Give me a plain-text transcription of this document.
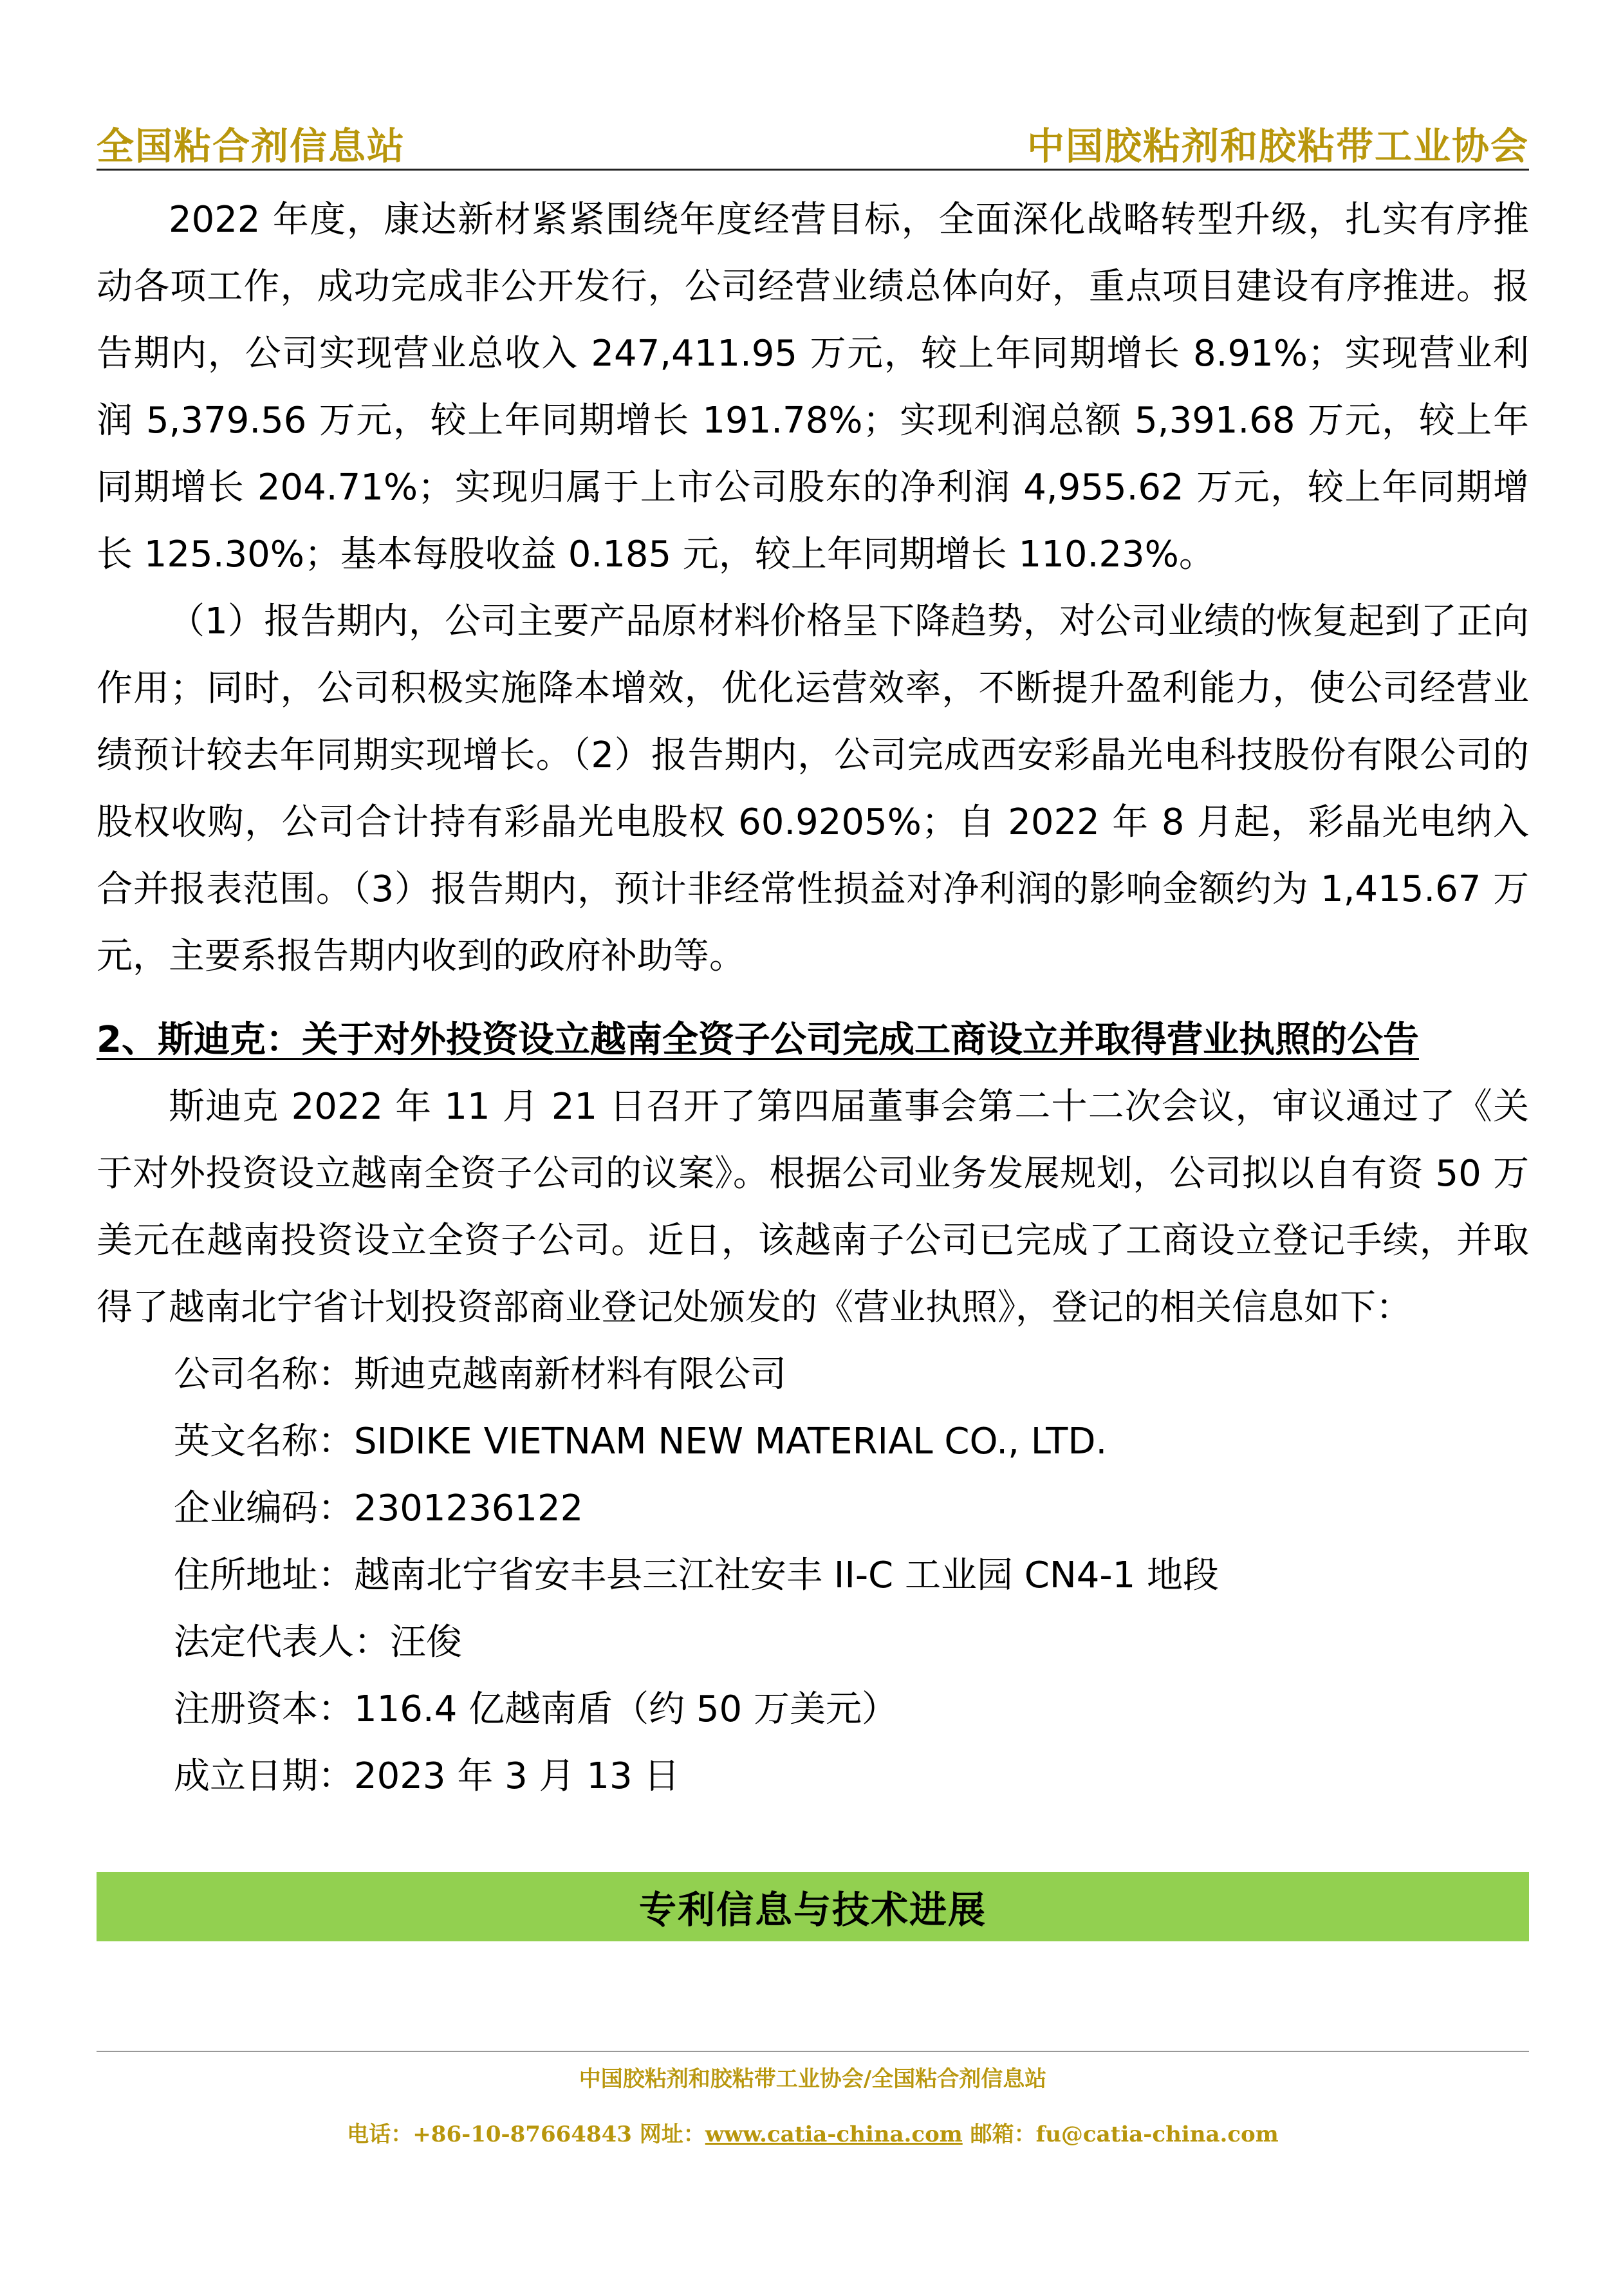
全国粘合剂信息站	中国胶粘剂和胶粘带工业协会

2022 年度，康达新材紧紧围绕年度经营目标，全面深化战略转型升级，扎实有序推动各项工作，成功完成非公开发行，公司经营业绩总体向好，重点项目建设有序推进。报告期内，公司实现营业总收入 247,411.95 万元，较上年同期增长 8.91%；实现营业利润 5,379.56 万元，较上年同期增长 191.78%；实现利润总额 5,391.68 万元，较上年同期增长 204.71%；实现归属于上市公司股东的净利润 4,955.62 万元，较上年同期增长 125.30%；基本每股收益 0.185 元，较上年同期增长 110.23%。

（1）报告期内，公司主要产品原材料价格呈下降趋势，对公司业绩的恢复起到了正向作用；同时，公司积极实施降本增效，优化运营效率，不断提升盈利能力，使公司经营业绩预计较去年同期实现增长。（2）报告期内，公司完成西安彩晶光电科技股份有限公司的股权收购，公司合计持有彩晶光电股权 60.9205%；自 2022 年 8 月起，彩晶光电纳入合并报表范围。（3）报告期内，预计非经常性损益对净利润的影响金额约为 1,415.67 万元，主要系报告期内收到的政府补助等。

2、斯迪克：关于对外投资设立越南全资子公司完成工商设立并取得营业执照的公告

斯迪克 2022 年 11 月 21 日召开了第四届董事会第二十二次会议，审议通过了《关于对外投资设立越南全资子公司的议案》。根据公司业务发展规划，公司拟以自有资 50 万美元在越南投资设立全资子公司。近日，该越南子公司已完成了工商设立登记手续，并取得了越南北宁省计划投资部商业登记处颁发的《营业执照》，登记的相关信息如下：

公司名称：斯迪克越南新材料有限公司

英文名称：SIDIKE VIETNAM NEW MATERIAL CO., LTD.

企业编码：2301236122

住所地址：越南北宁省安丰县三江社安丰 II-C 工业园 CN4-1 地段

法定代表人：汪俊

注册资本：116.4 亿越南盾（约 50 万美元）

成立日期：2023 年 3 月 13 日

专利信息与技术进展
中国胶粘剂和胶粘带工业协会/全国粘合剂信息站
电话：+86-10-87664843 网址：www.catia-china.com 邮箱：fu@catia-china.com
